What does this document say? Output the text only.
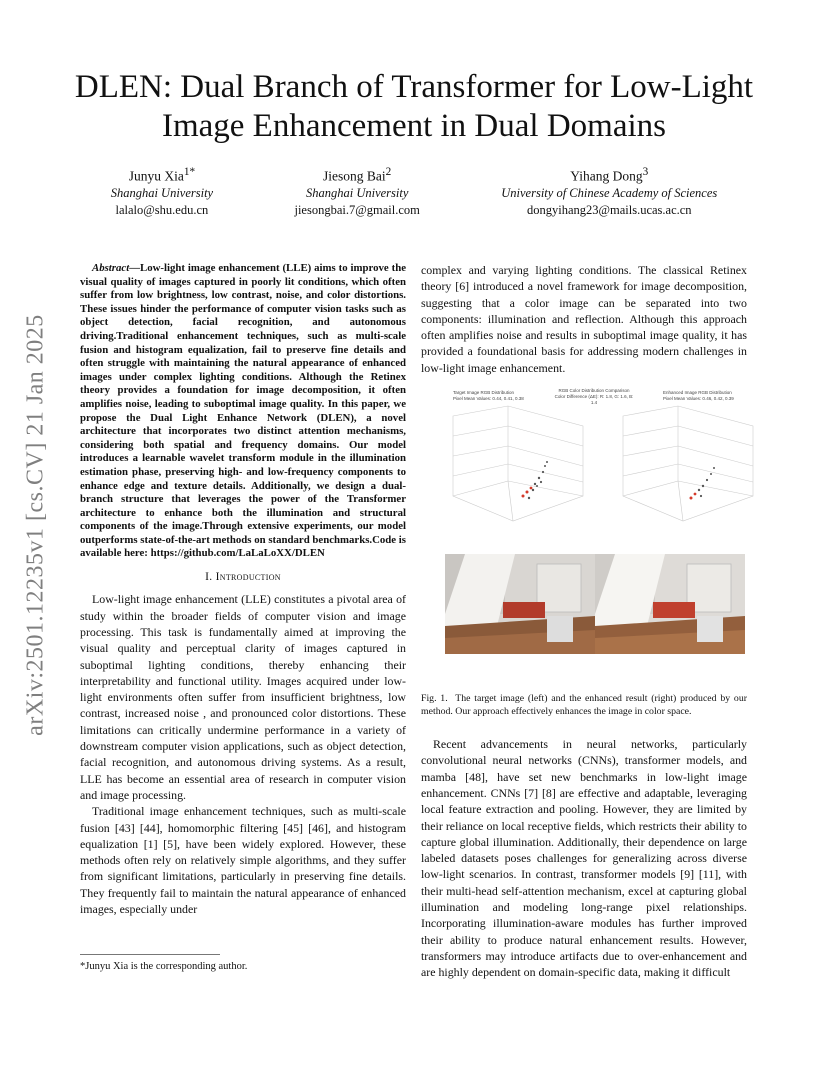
arXiv:2501.12235v1 [cs.CV] 21 Jan 2025
DLEN: Dual Branch of Transformer for Low-Light Image Enhancement in Dual Domains
Junyu Xia$^{1*}$
Shanghai University
lalalo@shu.edu.cn
Jiesong Bai$^2$
Shanghai University
jiesongbai.7@gmail.com
Yihang Dong$^3$
University of Chinese Academy of Sciences
dongyihang23@mails.ucas.ac.cn
Abstract—Low-light image enhancement (LLE) aims to improve the visual quality of images captured in poorly lit conditions, which often suffer from low brightness, low contrast, noise, and color distortions. These issues hinder the performance of computer vision tasks such as object detection, facial recognition, and autonomous driving.Traditional enhancement techniques, such as multi-scale fusion and histogram equalization, fail to preserve fine details and often struggle with maintaining the natural appearance of enhanced images under complex lighting conditions. Although the Retinex theory provides a foundation for image decomposition, it often amplifies noise, leading to suboptimal image quality. In this paper, we propose the Dual Light Enhance Network (DLEN), a novel architecture that incorporates two distinct attention mechanisms, considering both spatial and frequency domains. Our model introduces a learnable wavelet transform module in the illumination estimation phase, preserving high- and low-frequency components to enhance edge and texture details. Additionally, we design a dual-branch structure that leverages the power of the Transformer architecture to enhance both the illumination and structural components of the image.Through extensive experiments, our model outperforms state-of-the-art methods on standard benchmarks.Code is available here: https://github.com/LaLaLoXX/DLEN
I. Introduction

Low-light image enhancement (LLE) constitutes a pivotal area of study within the broader fields of computer vision and image processing. This task is fundamentally aimed at improving the visual quality and perceptual clarity of images captured in suboptimal lighting conditions, thereby enhancing their interpretability and functional utility. Images acquired under low-light environments often suffer from insufficient brightness, low contrast, increased noise , and pronounced color distortions. These limitations can critically undermine performance in a variety of downstream computer vision applications, such as object detection, facial recognition, and autonomous driving systems. As a result, LLE has become an essential area of research in computer vision and image processing.

Traditional image enhancement techniques, such as multi-scale fusion [43] [44], homomorphic filtering [45] [46], and histogram equalization [1] [5], have been widely explored. However, these methods often rely on relatively simple algorithms, and they suffer from significant limitations, particularly in preserving fine details. They frequently fail to maintain the natural appearance of enhanced images, especially under

complex and varying lighting conditions. The classical Retinex theory [6] introduced a novel framework for image decomposition, suggesting that a color image can be separated into two components: illumination and reflection. Although this approach often amplifies noise and results in suboptimal image quality, it has provided a foundational basis for addressing modern challenges in low-light image enhancement.

Target Image RGB Distribution
Pixel Mean Values: 0.44, 0.41, 0.38
RGB Color Distribution Comparison
Color Difference (ΔE): R: 1.8, G: 1.6, B: 1.4
Enhanced Image RGB Distribution
Pixel Mean Values: 0.46, 0.42, 0.39
Fig. 1. The target image (left) and the enhanced result (right) produced by our method. Our approach effectively enhances the image in color space.

Recent advancements in neural networks, particularly convolutional neural networks (CNNs), transformer models, and mamba [48], have set new benchmarks in low-light image enhancement. CNNs [7] [8] are effective and adaptable, leveraging local feature extraction and pooling. However, they are limited by their reliance on local receptive fields, which restricts their ability to capture global illumination. Additionally, their dependence on large labeled datasets poses challenges for generalizing across diverse low-light scenarios. In contrast, transformer models [9] [11], with their multi-head self-attention mechanism, excel at capturing global illumination and modeling long-range pixel relationships. Incorporating illumination-aware modules has further improved their ability to produce natural enhancement results. However, transformers may introduce artifacts due to over-enhancement and are highly dependent on domain-specific data, making it difficult

*Junyu Xia is the corresponding author.
